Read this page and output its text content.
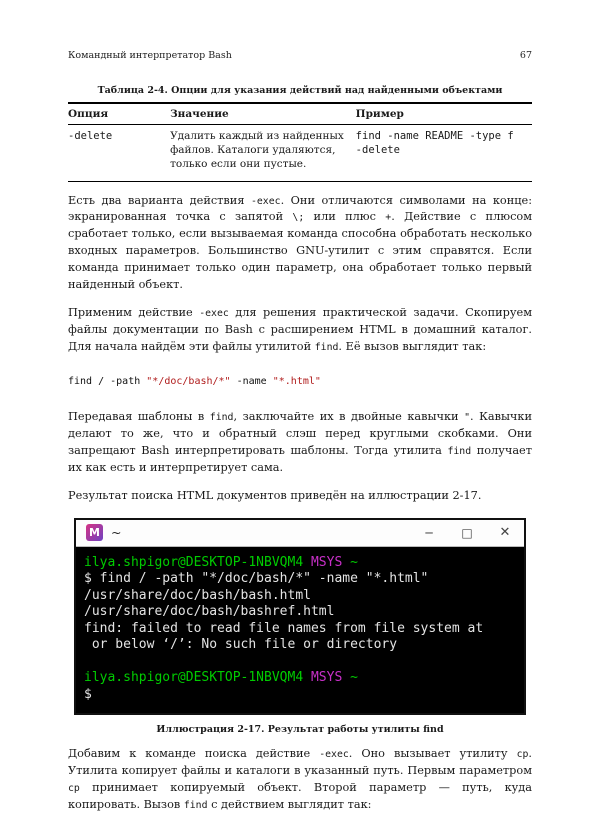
Командный интерпретатор Bash	67
Таблица 2-4. Опции для указания действий над найденными объектами
Опция	Значение	Пример
-delete	Удалить каждый из найденных файлов. Каталоги удаляются, только если они пустые.	find -name README -type f -delete

Есть два варианта действия -exec. Они отличаются символами на конце: экранированная точка с запятой \; или плюс +. Действие с плюсом сработает только, если вызываемая команда способна обработать несколько входных параметров. Большинство GNU-утилит с этим справятся. Если команда принимает только один параметр, она обработает только первый найденный объект.

Применим действие -exec для решения практической задачи. Скопируем файлы документации по Bash с расширением HTML в домашний каталог. Для начала найдём эти файлы утилитой find. Её вызов выглядит так:

find / -path "*/doc/bash/*" -name "*.html"

Передавая шаблоны в find, заключайте их в двойные кавычки ". Кавычки делают то же, что и обратный слэш перед круглыми скобками. Они запрещают Bash интерпретировать шаблоны. Тогда утилита find получает их как есть и интерпретирует сама.

Результат поиска HTML документов приведён на иллюстрации 2-17.

M ~	─	□	✕
ilya.shpigor@DESKTOP-1NBVQM4 MSYS ~
$ find / -path "*/doc/bash/*" -name "*.html"
/usr/share/doc/bash/bash.html
/usr/share/doc/bash/bashref.html
find: failed to read file names from file system at
or below ‘/’: No such file or directory

ilya.shpigor@DESKTOP-1NBVQM4 MSYS ~
$
Иллюстрация 2-17. Результат работы утилиты find

Добавим к команде поиска действие -exec. Оно вызывает утилиту cp. Утилита копирует файлы и каталоги в указанный путь. Первым параметром cp принимает копируемый объект. Второй параметр — путь, куда копировать. Вызов find с действием выглядит так:
